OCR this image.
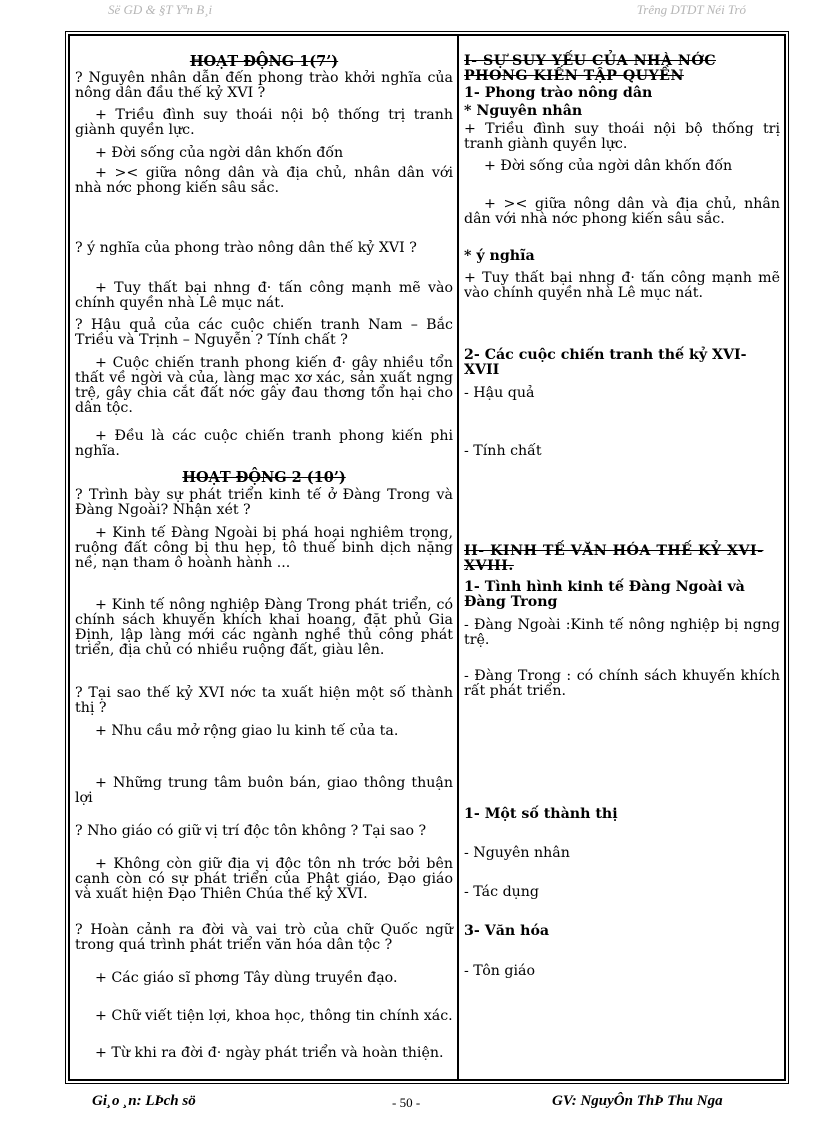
Së GD & §T Yªn B¸i	Trêng DTDT Néi Tró

HOẠT ĐỘNG 1(7’)

? Nguyên nhân dẫn đến phong trào khởi nghĩa của nông dân đầu thế kỷ XVI ?

+ Triều đình suy thoái nội bộ thống trị tranh giành quyền lực.

+ Đời sống của ngời dân khốn đốn

+ >< giữa nông dân và địa chủ, nhân dân với nhà nớc phong kiến sâu sắc.

? ý nghĩa của phong trào nông dân thế kỷ XVI ?

+ Tuy thất bại nhng đ· tấn công mạnh mẽ vào chính quyền nhà Lê mục nát.

? Hậu quả của các cuộc chiến tranh Nam – Bắc Triều và Trịnh – Nguyễn ? Tính chất ?

+ Cuộc chiến tranh phong kiến đ· gây nhiều tổn thất về ngời và của, làng mạc xơ xác, sản xuất ngng trệ, gây chia cắt đất nớc gây đau thơng tổn hại cho dân tộc.

+ Đều là các cuộc chiến tranh phong kiến phi nghĩa.

HOẠT ĐỘNG 2 (10’)

? Trình bày sự phát triển kinh tế ở Đàng Trong và Đàng Ngoài? Nhận xét ?

+ Kinh tế Đàng Ngoài bị phá hoại nghiêm trọng, ruộng đất công bị thu hẹp, tô thuế binh dịch nặng nề, nạn tham ô hoành hành ...

+ Kinh tế nông nghiệp Đàng Trong phát triển, có chính sách khuyến khích khai hoang, đặt phủ Gia Định, lập làng mới các ngành nghề thủ công phát triển, địa chủ có nhiều ruộng đất, giàu lên.

? Tại sao thế kỷ XVI nớc ta xuất hiện một số thành thị ?

+ Nhu cầu mở rộng giao lu kinh tế của ta.

+ Những trung tâm buôn bán, giao thông thuận lợi

? Nho giáo có giữ vị trí độc tôn không ? Tại sao ?

+ Không còn giữ địa vị độc tôn nh trớc bởi bên cạnh còn có sự phát triển của Phật giáo, Đạo giáo và xuất hiện Đạo Thiên Chúa thế kỷ XVI.

? Hoàn cảnh ra đời và vai trò của chữ Quốc ngữ trong quá trình phát triển văn hóa dân tộc ?

+ Các giáo sĩ phơng Tây dùng truyền đạo.

+ Chữ viết tiện lợi, khoa học, thông tin chính xác.

+ Từ khi ra đời đ· ngày phát triển và hoàn thiện.

I- SỰ SUY YẾU CỦA NHÀ NỚC PHONG KIẾN TẬP QUYỀN

1- Phong trào nông dân

* Nguyên nhân

+ Triều đình suy thoái nội bộ thống trị tranh giành quyền lực.

+ Đời sống của ngời dân khốn đốn

+ >< giữa nông dân và địa chủ, nhân dân với nhà nớc phong kiến sâu sắc.

* ý nghĩa

+ Tuy thất bại nhng đ· tấn công mạnh mẽ vào chính quyền nhà Lê mục nát.

2- Các cuộc chiến tranh thế kỷ XVI-XVII

- Hậu quả

- Tính chất

II- KINH TẾ VĂN HÓA THẾ KỶ XVI-XVIII.

1- Tình hình kinh tế Đàng Ngoài và Đàng Trong

- Đàng Ngoài :Kinh tế nông nghiệp bị ngng trệ.

- Đàng Trong : có chính sách khuyến khích rất phát triển.

1- Một số thành thị

- Nguyên nhân

- Tác dụng

3- Văn hóa

- Tôn giáo

Gi¸o ¸n: LÞch sö	- 50 -	GV: NguyÔn ThÞ Thu Nga
